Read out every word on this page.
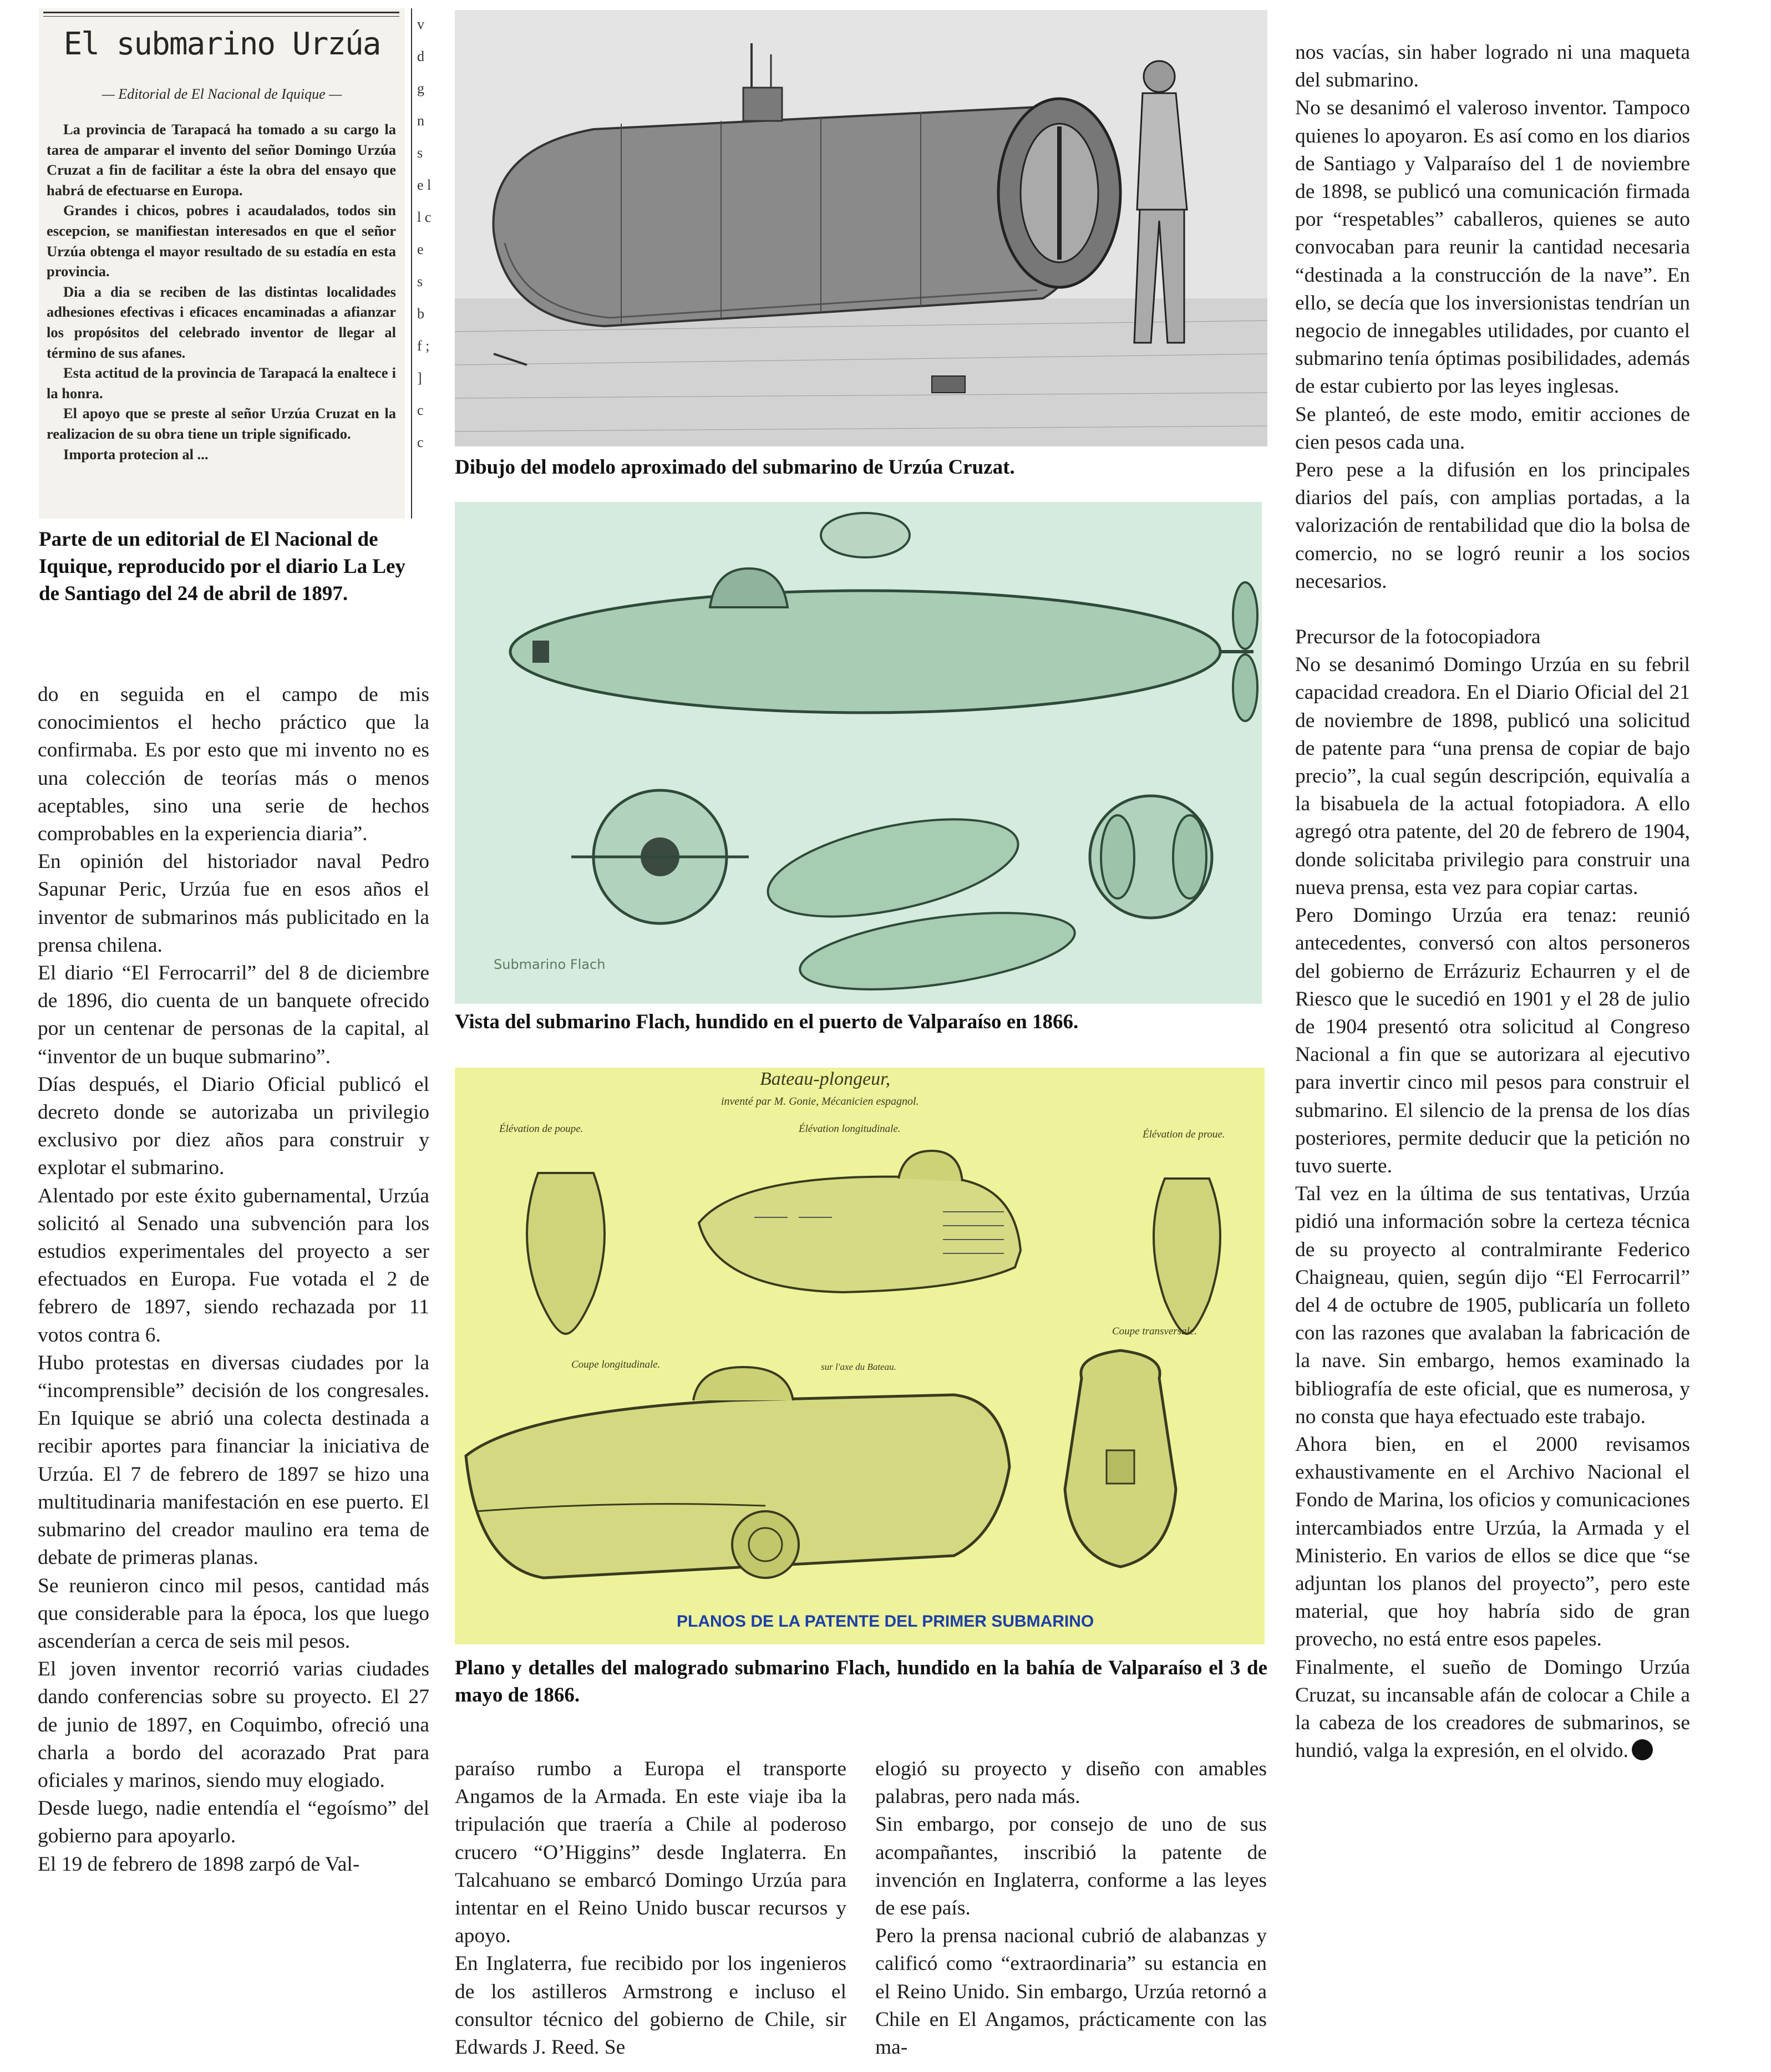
El submarino Urzúa
— Editorial de El Nacional de Iquique —

La provincia de Tarapacá ha tomado a su cargo la tarea de amparar el invento del señor Domingo Urzúa Cruzat a fin de facilitar a éste la obra del ensayo que habrá de efectuarse en Europa.

Grandes i chicos, pobres i acaudalados, todos sin escepcion, se manifiestan interesados en que el señor Urzúa obtenga el mayor resultado de su estadía en esta provincia.

Dia a dia se reciben de las distintas localidades adhesiones efectivas i eficaces encaminadas a afianzar los propósitos del celebrado inventor de llegar al término de sus afanes.

Esta actitud de la provincia de Tarapacá la enaltece i la honra.

El apoyo que se preste al señor Urzúa Cruzat en la realizacion de su obra tiene un triple significado.

Importa protecion al ...

v d g n s e l l c e s b f ; ] c c
Parte de un editorial de El Nacional de Iquique, reproducido por el diario La Ley de Santiago del 24 de abril de 1897.
Dibujo del modelo aproximado del submarino de Urzúa Cruzat.
Submarino Flach
Vista del submarino Flach, hundido en el puerto de Valparaíso en 1866.
Bateau-plongeur,
inventé par M. Gonie, Mécanicien espagnol.
Élévation de poupe.	Élévation longitudinale.	Élévation de proue.
Coupe longitudinale.	sur l'axe du Bateau.
Coupe transversale.
PLANOS DE LA PATENTE DEL PRIMER SUBMARINO
Plano y detalles del malogrado submarino Flach, hundido en la bahía de Valparaíso el 3 de mayo de 1866.

do en seguida en el campo de mis conocimientos el hecho práctico que la confirmaba. Es por esto que mi invento no es una colección de teorías más o menos aceptables, sino una serie de hechos comprobables en la experiencia diaria”.

En opinión del historiador naval Pedro Sapunar Peric, Urzúa fue en esos años el inventor de submarinos más publicitado en la prensa chilena.

El diario “El Ferrocarril” del 8 de diciembre de 1896, dio cuenta de un banquete ofrecido por un centenar de personas de la capital, al “inventor de un buque submarino”.

Días después, el Diario Oficial publicó el decreto donde se autorizaba un privilegio exclusivo por diez años para construir y explotar el submarino.

Alentado por este éxito gubernamental, Urzúa solicitó al Senado una subvención para los estudios experimentales del proyecto a ser efectuados en Europa. Fue votada el 2 de febrero de 1897, siendo rechazada por 11 votos contra 6.

Hubo protestas en diversas ciudades por la “incomprensible” decisión de los congresales. En Iquique se abrió una colecta destinada a recibir aportes para financiar la iniciativa de Urzúa. El 7 de febrero de 1897 se hizo una multitudinaria manifestación en ese puerto. El submarino del creador maulino era tema de debate de primeras planas.

Se reunieron cinco mil pesos, cantidad más que considerable para la época, los que luego ascenderían a cerca de seis mil pesos.

El joven inventor recorrió varias ciudades dando conferencias sobre su proyecto. El 27 de junio de 1897, en Coquimbo, ofreció una charla a bordo del acorazado Prat para oficiales y marinos, siendo muy elogiado.

Desde luego, nadie entendía el “egoísmo” del gobierno para apoyarlo.

El 19 de febrero de 1898 zarpó de Val-

paraíso rumbo a Europa el transporte Angamos de la Armada. En este viaje iba la tripulación que traería a Chile al poderoso crucero “O’Higgins” desde Inglaterra. En Talcahuano se embarcó Domingo Urzúa para intentar en el Reino Unido buscar recursos y apoyo.

En Inglaterra, fue recibido por los ingenieros de los astilleros Armstrong e incluso el consultor técnico del gobierno de Chile, sir Edwards J. Reed. Se

elogió su proyecto y diseño con amables palabras, pero nada más.

Sin embargo, por consejo de uno de sus acompañantes, inscribió la patente de invención en Inglaterra, conforme a las leyes de ese país.

Pero la prensa nacional cubrió de alabanzas y calificó como “extraordinaria” su estancia en el Reino Unido. Sin embargo, Urzúa retornó a Chile en El Angamos, prácticamente con las ma-

nos vacías, sin haber logrado ni una maqueta del submarino.

No se desanimó el valeroso inventor. Tampoco quienes lo apoyaron. Es así como en los diarios de Santiago y Valparaíso del 1 de noviembre de 1898, se publicó una comunicación firmada por “respetables” caballeros, quienes se auto convocaban para reunir la cantidad necesaria “destinada a la construcción de la nave”. En ello, se decía que los inversionistas tendrían un negocio de innegables utilidades, por cuanto el submarino tenía óptimas posibilidades, además de estar cubierto por las leyes inglesas.

Se planteó, de este modo, emitir acciones de cien pesos cada una.

Pero pese a la difusión en los principales diarios del país, con amplias portadas, a la valorización de rentabilidad que dio la bolsa de comercio, no se logró reunir a los socios necesarios.

Precursor de la fotocopiadora

No se desanimó Domingo Urzúa en su febril capacidad creadora. En el Diario Oficial del 21 de noviembre de 1898, publicó una solicitud de patente para “una prensa de copiar de bajo precio”, la cual según descripción, equivalía a la bisabuela de la actual fotopiadora. A ello agregó otra patente, del 20 de febrero de 1904, donde solicitaba privilegio para construir una nueva prensa, esta vez para copiar cartas.

Pero Domingo Urzúa era tenaz: reunió antecedentes, conversó con altos personeros del gobierno de Errázuriz Echaurren y el de Riesco que le sucedió en 1901 y el 28 de julio de 1904 presentó otra solicitud al Congreso Nacional a fin que se autorizara al ejecutivo para invertir cinco mil pesos para construir el submarino. El silencio de la prensa de los días posteriores, permite deducir que la petición no tuvo suerte.

Tal vez en la última de sus tentativas, Urzúa pidió una información sobre la certeza técnica de su proyecto al contralmirante Federico Chaigneau, quien, según dijo “El Ferrocarril” del 4 de octubre de 1905, publicaría un folleto con las razones que avalaban la fabricación de la nave. Sin embargo, hemos examinado la bibliografía de este oficial, que es numerosa, y no consta que haya efectuado este trabajo.

Ahora bien, en el 2000 revisamos exhaustivamente en el Archivo Nacional el Fondo de Marina, los oficios y comunicaciones intercambiados entre Urzúa, la Armada y el Ministerio. En varios de ellos se dice que “se adjuntan los planos del proyecto”, pero este material, que hoy habría sido de gran provecho, no está entre esos papeles.

Finalmente, el sueño de Domingo Urzúa Cruzat, su incansable afán de colocar a Chile a la cabeza de los creadores de submarinos, se hundió, valga la expresión, en el olvido.
